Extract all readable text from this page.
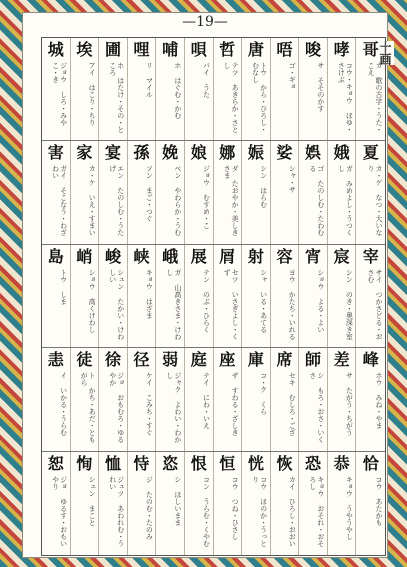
—19—
十画
城
ジョウ しろ・みやこ・き
埃
アイ はこり・ちり
圃
ホ はたけ・その・ところ
哩
リ マイル
哺
ホ はぐむ・かむ
唄
バイ うた
哲
テツ あきらか・さとし
唐
トウ から・ひろし・むなし
唔
ゴ・ギョ
唆
サ そそのかす
哮
コウ・キョウ ほゆ・さけぶ
哥
カ 歌の古字・うた・こえ
害
ガイ そこなう・わざわい
家
カ・ケ いえ・すまい
宴
エン たのしむ・うたげ
孫
ソン まご・つぐ
娩
ベン やわらか・うむ
娘
ジョウ むすめ・こ
娜
ダ たおやか・美しきさま
娠
シン はらむ
娑
シャ・サ
娯
ゴ たのしむ・たわむる
娥
ガ みめよし・うつくし
夏
カ・ゲ なつ・大いなり
島
トウ しま
峭
ショウ 高くけわし
峻
シュン たかい・けわしい
峡
キョウ はざま
峨
ガ 山高きさま・けわし
展
テン のぶ・ひらく
屑
セツ いさぎよし・くず
射
シャ いる・あてる
容
ヨウ かたち・いれる
宵
ショウ よる・よい
宸
シン のき・奥深き室
宰
サイ つかさどる・おさむ
恚
イ いかる・うらむ
徒
ト かち・あだ・ともがら
徐
ジョ おもむろ・ゆるやか
径
ケイ こみち・すぐ
弱
ジャク よわい・わかし
庭
テイ にわ・いえ
座
ザ すわる・ざしき
庫
コ・ク くら
席
セキ むしろ・ござ
師
シ もろ・おさ・いくさ
差
サ たがう・ちがう
峰
ホウ みね・やま
恕
ジョ ゆるす・おもいやり
恂
シュン まこと
恤
ジュツ あわれむ・うれい
恃
ジ たのむ・たのみ
恣
シ ほしいまま
恨
コン うらむ・くやむ
恒
コウ つね・ひさし
恍
コウ ほのか・うっとり
恢
カイ ひろし・おおい
恐
キョウ おそれ・おそろし
恭
キョウ うやうやし
恰
コウ あたかも
